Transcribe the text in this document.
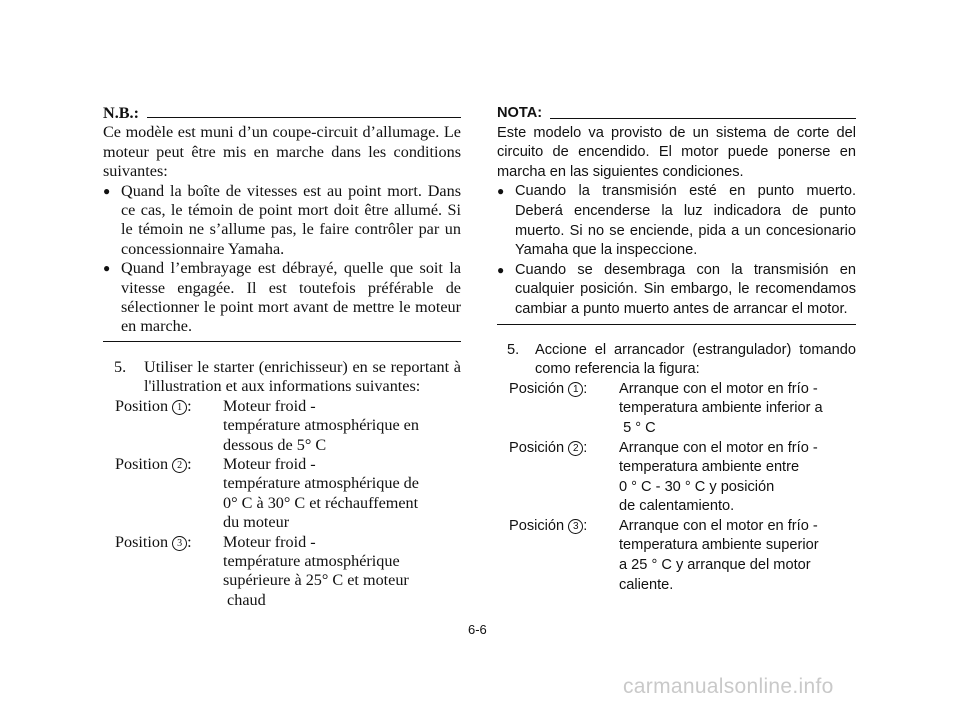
N.B.:
Ce modèle est muni d’un coupe-circuit d’allumage. Le moteur peut être mis en marche dans les conditions suivantes:
● Quand la boîte de vitesses est au point mort. Dans ce cas, le témoin de point mort doit être allumé. Si le témoin ne s’allume pas, le faire contrôler par un concessionnaire Yamaha.
● Quand l’embrayage est débrayé, quelle que soit la vitesse engagée. Il est toutefois préférable de sélectionner le point mort avant de mettre le moteur en marche.
5.	Utiliser le starter (enrichisseur) en se reportant à l'illustration et aux informations suivantes:
Position 1 :	Moteur froid -
température atmosphérique en
dessous de 5° C
Position 2 :	Moteur froid -
température atmosphérique de
0° C à 30° C et réchauffement
du moteur
Position 3 :	Moteur froid -
température atmosphérique
supérieure à 25° C et moteur
chaud
NOTA:
Este modelo va provisto de un sistema de corte del circuito de encendido. El motor puede ponerse en marcha en las siguientes condiciones.
● Cuando la transmisión esté en punto muerto. Deberá encenderse la luz indicadora de punto muerto. Si no se enciende, pida a un concesionario Yamaha que la inspeccione.
● Cuando se desembraga con la transmisión en cualquier posición. Sin embargo, le recomendamos cambiar a punto muerto antes de arrancar el motor.
5.	Accione el arrancador (estrangulador) tomando como referencia la figura:
Posición 1 :	Arranque con el motor en frío -
temperatura ambiente inferior a
5 ° C
Posición 2 :	Arranque con el motor en frío -
temperatura ambiente entre
0 ° C - 30 ° C y posición
de calentamiento.
Posición 3 :	Arranque con el motor en frío -
temperatura ambiente superior
a 25 ° C y arranque del motor
caliente.
6-6
carmanualsonline.info
